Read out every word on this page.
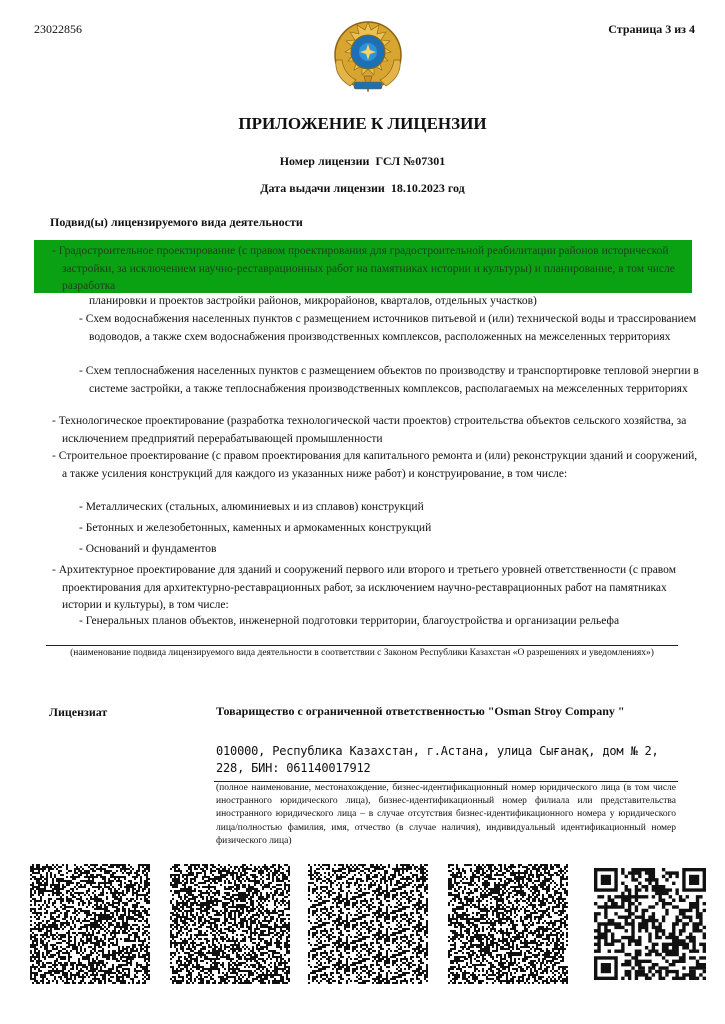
23022856	Страница 3 из 4
ПРИЛОЖЕНИЕ К ЛИЦЕНЗИИ
Номер лицензии ГСЛ №07301
Дата выдачи лицензии 18.10.2023 год
Подвид(ы) лицензируемого вида деятельности
- Градостроительное проектирование (с правом проектирования для градостроительной реабилитации районов исторической застройки, за исключением научно-реставрационных работ на памятниках истории и культуры) и планирование, в том числе разработка
планировки и проектов застройки районов, микрорайонов, кварталов, отдельных участков)
- Схем водоснабжения населенных пунктов с размещением источников питьевой и (или) технической воды и трассированием водоводов, а также схем водоснабжения производственных комплексов, расположенных на межселенных территориях
- Схем теплоснабжения населенных пунктов с размещением объектов по производству и транспортировке тепловой энергии в системе застройки, а также теплоснабжения производственных комплексов, располагаемых на межселенных территориях
- Технологическое проектирование (разработка технологической части проектов) строительства объектов сельского хозяйства, за исключением предприятий перерабатывающей промышленности
- Строительное проектирование (с правом проектирования для капитального ремонта и (или) реконструкции зданий и сооружений, а также усиления конструкций для каждого из указанных ниже работ) и конструирование, в том числе:
- Металлических (стальных, алюминиевых и из сплавов) конструкций
- Бетонных и железобетонных, каменных и армокаменных конструкций
- Оснований и фундаментов
- Архитектурное проектирование для зданий и сооружений первого или второго и третьего уровней ответственности (с правом проектирования для архитектурно-реставрационных работ, за исключением научно-реставрационных работ на памятниках истории и культуры), в том числе:
- Генеральных планов объектов, инженерной подготовки территории, благоустройства и организации рельефа
(наименование подвида лицензируемого вида деятельности в соответствии с Законом Республики Казахстан «О разрешениях и уведомлениях»)
Лицензиат	Товарищество с ограниченной ответственностью "Osman Stroy Company "
010000, Республика Казахстан, г.Астана, улица Сығанақ, дом № 2, 228, БИН: 061140017912
(полное наименование, местонахождение, бизнес-идентификационный номер юридического лица (в том числе иностранного юридического лица), бизнес-идентификационный номер филиала или представительства иностранного юридического лица – в случае отсутствия бизнес-идентификационного номера у юридического лица/полностью фамилия, имя, отчество (в случае наличия), индивидуальный идентификационный номер физического лица)
